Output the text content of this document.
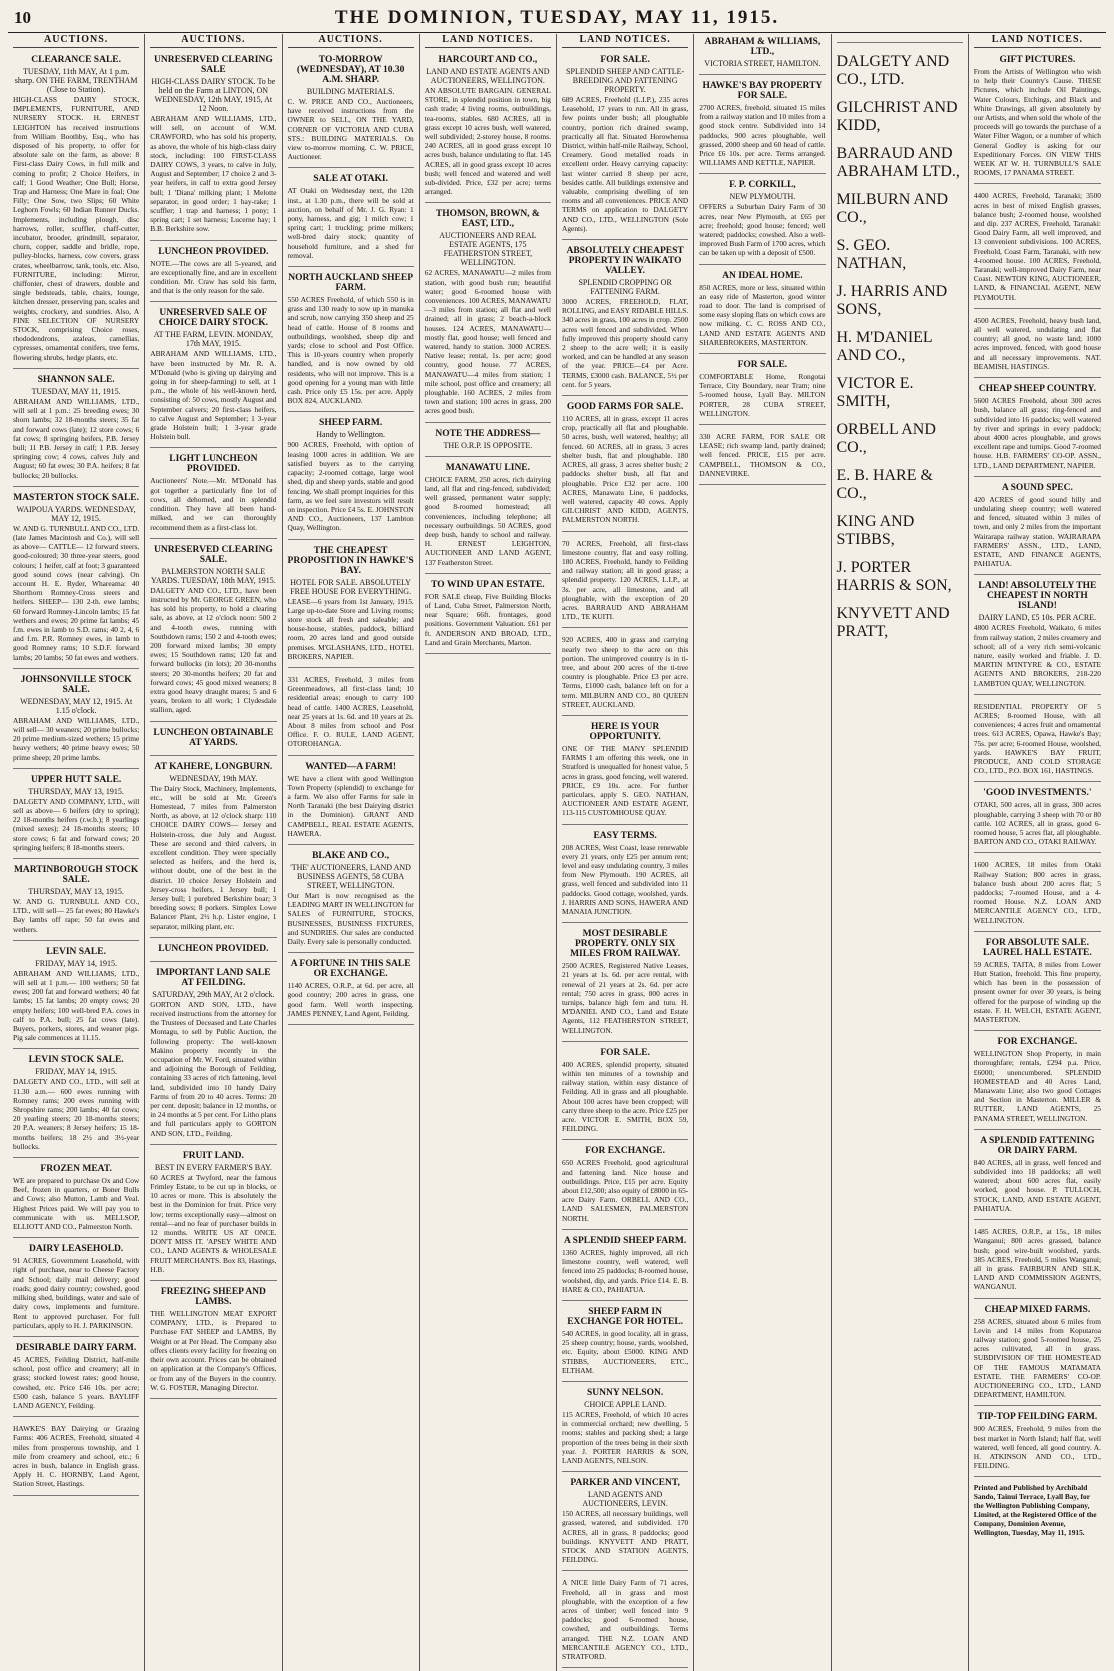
10	THE DOMINION, TUESDAY, MAY 11, 1915.
AUCTIONS.
CLEARANCE SALE.
TUESDAY, 11th MAY, At 1 p.m. sharp. ON THE FARM, TRENTHAM (Close to Station).

HIGH-CLASS DAIRY STOCK, IMPLEMENTS, FURNITURE, AND NURSERY STOCK. H. ERNEST LEIGHTON has received instructions from William Boothby, Esq., who has disposed of his property, to offer for absolute sale on the farm, as above: 8 First-class Dairy Cows, in full milk and coming to profit; 2 Choice Heifers, in calf; 1 Good Weather; One Bull; Horse, Trap and Harness; One Mare in foal; One Filly; One Sow, two Slips; 60 White Leghorn Fowls; 60 Indian Runner Ducks. Implements, including plough, disc harrows, roller, scuffler, chaff-cutter, incubator, brooder, grindmill, separator, churn, copper, saddle and bridle, rope, pulley-blocks, harness, cow covers, grass crates, wheelbarrow, tank, tools, etc. Also, FURNITURE, including: Mirror, chiffonier, chest of drawers, double and single bedsteads, table, chairs, lounge, kitchen dresser, preserving pan, scales and weights, crockery, and sundries. Also, A FINE SELECTION OF NURSERY STOCK, comprising Choice roses, rhododendrons, azaleas, camellias, cypresses, ornamental conifers, tree ferns, flowering shrubs, hedge plants, etc.

SHANNON SALE.
TUESDAY, MAY 11, 1915.

ABRAHAM AND WILLIAMS, LTD., will sell at 1 p.m.: 25 breeding ewes; 30 shorn lambs; 32 18-months steers; 35 fat and forward cows (late); 12 store cows; 6 fat cows; 8 springing heifers, P.B. Jersey bull; 11 P.B. Jersey in calf; 1 P.B. Jersey springing cow; 4 cows, calves July and August; 60 fat ewes; 30 P.A. heifers; 8 fat bullocks; 20 bullocks.

MASTERTON STOCK SALE.
WAIPOUA YARDS. WEDNESDAY, MAY 12, 1915.

W. AND G. TURNBULL AND CO., LTD. (late James Macintosh and Co.), will sell as above— CATTLE— 12 forward steers, good-coloured; 30 three-year steers, good colours; 1 heifer, calf at foot; 3 guaranteed good sound cows (near calving). On account H. E. Ryder, Whareama: 40 Shorthorn Romney-Cross steers and heifers. SHEEP— 130 2-th. ewe lambs; 60 forward Romney-Lincoln lambs; 15 fat wethers and ewes; 20 prime fat lambs; 45 f.m. ewes in lamb to S.D. rams; 40 2, 4, 6 and f.m. P.R. Romney ewes, in lamb to good Romney rams; 10 S.D.F. forward lambs; 20 lambs; 50 fat ewes and wethers.

JOHNSONVILLE STOCK SALE.
WEDNESDAY, MAY 12, 1915. At 1.15 o'clock.

ABRAHAM AND WILLIAMS, LTD., will sell— 30 weaners; 20 prime bullocks; 20 prime medium-sized wethers; 15 prime heavy wethers; 40 prime heavy ewes; 50 prime sheep; 20 prime lambs.

UPPER HUTT SALE.
THURSDAY, MAY 13, 1915.

DALGETY AND COMPANY, LTD., will sell as above— 6 heifers (dry to spring); 22 18-months heifers (r.w.b.); 8 yearlings (mixed sexes); 24 18-months steers; 10 store cows; 6 fat and forward cows; 20 springing heifers; 8 18-months steers.

MARTINBOROUGH STOCK SALE.
THURSDAY, MAY 13, 1915.

W. AND G. TURNBULL AND CO., LTD., will sell— 25 fat ewes; 80 Hawke's Bay lambs off rape; 50 fat ewes and wethers.

LEVIN SALE.
FRIDAY, MAY 14, 1915.

ABRAHAM AND WILLIAMS, LTD., will sell at 1 p.m.— 100 wethers; 50 fat ewes; 200 fat and forward wethers; 40 fat lambs; 15 fat lambs; 20 empty cows; 20 empty heifers; 100 well-bred P.A. cows in calf to P.A. bull; 25 fat cows (late). Buyers, porkers, stores, and weaner pigs. Pig sale commences at 11.15.

LEVIN STOCK SALE.
FRIDAY, MAY 14, 1915.

DALGETY AND CO., LTD., will sell at 11.30 a.m.— 600 ewes running with Romney rams; 200 ewes running with Shropshire rams; 200 lambs; 40 fat cows; 20 yearling steers; 20 18-months steers; 20 P.A. weaners; 8 Jersey heifers; 15 18-months heifers; 18 2½ and 3½-year bullocks.

FROZEN MEAT.

WE are prepared to purchase Ox and Cow Beef, frozen in quarters, or Boner Bulls and Cows; also Mutton, Lamb and Veal. Highest Prices paid. We will pay you to communicate with us. MELLSOP, ELLIOTT AND CO., Palmerston North.

DAIRY LEASEHOLD.

91 ACRES, Government Leasehold, with right of purchase, near to Cheese Factory and School; daily mail delivery; good roads; good dairy country; cowshed, good milking shed, buildings, water and sale of dairy cows, implements and furniture. Rent to approved purchaser. For full particulars, apply to H. J. PARKINSON.

DESIRABLE DAIRY FARM.

45 ACRES, Feilding District, half-mile school, post office and creamery; all in grass; stocked lowest rates; good house, cowshed, etc. Price £46 10s. per acre; £500 cash, balance 5 years. BAYLIFF LAND AGENCY, Feilding.

HAWKE'S BAY Dairying or Grazing Farms: 406 ACRES, Freehold, situated 4 miles from prosperous township, and 1 mile from creamery and school, etc.; 6 acres in bush, balance in English grass. Apply H. C. HORNBY, Land Agent, Station Street, Hastings.

AUCTIONS.
UNRESERVED CLEARING SALE
HIGH-CLASS DAIRY STOCK. To be held on the Farm at LINTON, ON WEDNESDAY, 12th MAY, 1915, At 12 Noon.

ABRAHAM AND WILLIAMS, LTD., will sell, on account of W.M. CRAWFORD, who has sold his property, as above, the whole of his high-class dairy stock, including: 100 FIRST-CLASS DAIRY COWS, 3 years, to calve in July, August and September; 17 choice 2 and 3-year heifers, in calf to extra good Jersey bull; 1 'Diana' milking plant; 1 Melotte separator, in good order; 1 hay-rake; 1 scuffler; 1 trap and harness; 1 pony; 1 spring cart; 1 set harness; Lucerne hay; 1 B.B. Berkshire sow.

LUNCHEON PROVIDED.

NOTE.—The cows are all 5-yeared, and are exceptionally fine, and are in excellent condition. Mr. Craw has sold his farm, and that is the only reason for the sale.

UNRESERVED SALE OF CHOICE DAIRY STOCK.
AT THE FARM, LEVIN. MONDAY, 17th MAY, 1915.

ABRAHAM AND WILLIAMS, LTD., have been instructed by Mr. R. A. M'Donald (who is giving up dairying and going in for sheep-farming) to sell, at 1 p.m., the whole of his well-known herd, consisting of: 50 cows, mostly August and September calvers; 20 first-class heifers, to calve August and September; 1 3-year grade Holstein bull; 1 3-year grade Holstein bull.

LIGHT LUNCHEON PROVIDED.

Auctioneers' Note.—Mr. M'Donald has got together a particularly fine lot of cows, all dehorned, and in splendid condition. They have all been hand-milked, and we can thoroughly recommend them as a first-class lot.

UNRESERVED CLEARING SALE.
PALMERSTON NORTH SALE YARDS. TUESDAY, 18th MAY, 1915.

DALGETY AND CO., LTD., have been instructed by Mr. GEORGE GREEN, who has sold his property, to hold a clearing sale, as above, at 12 o'clock noon: 500 2 and 4-tooth ewes, running with Southdown rams; 150 2 and 4-tooth ewes; 200 forward mixed lambs; 30 empty ewes; 15 Southdown rams; 120 fat and forward bullocks (in lots); 20 30-months steers; 20 30-months heifers; 20 fat and forward cows; 45 good mixed weaners; 8 extra good heavy draught mares; 5 and 6 years, broken to all work; 1 Clydesdale stallion, aged.

LUNCHEON OBTAINABLE AT YARDS.
AT KAHERE, LONGBURN.
WEDNESDAY, 19th MAY.

The Dairy Stock, Machinery, Implements, etc., will be sold at Mr. Green's Homestead, 7 miles from Palmerston North, as above, at 12 o'clock sharp: 110 CHOICE DAIRY COWS— Jersey and Holstein-cross, due July and August. These are second and third calvers, in excellent condition. They were specially selected as heifers, and the herd is, without doubt, one of the best in the district. 10 choice Jersey Holstein and Jersey-cross heifers, 1 Jersey bull; 1 Jersey bull; 1 purebred Berkshire boar; 3 breeding sows; 8 porkers. Simplex Lowe Balancer Plant, 2½ h.p. Lister engine, 1 separator, milking plant, etc.

LUNCHEON PROVIDED.
IMPORTANT LAND SALE AT FEILDING.
SATURDAY, 29th MAY, At 2 o'clock.

GORTON AND SON, LTD., have received instructions from the attorney for the Trustees of Deceased and Late Charles Montagu, to sell by Public Auction, the following property: The well-known Makino property recently in the occupation of Mr. W. Ford, situated within and adjoining the Borough of Feilding, containing 33 acres of rich fattening, level land, subdivided into 10 handy Dairy Farms of from 20 to 40 acres. Terms: 20 per cent. deposit; balance in 12 months, or in 24 months at 5 per cent. For Litho plans and full particulars apply to GORTON AND SON, LTD., Feilding.

FRUIT LAND.
BEST IN EVERY FARMER'S BAY.

60 ACRES at Twyford, near the famous Frimley Estate, to be cut up in blocks, or 10 acres or more. This is absolutely the best in the Dominion for fruit. Price very low; terms exceptionally easy—almost on rental—and no fear of purchaser builds in 12 months. WRITE US AT ONCE. DON'T MISS IT. 'APSEY WHITE AND CO., LAND AGENTS & WHOLESALE FRUIT MERCHANTS. Box 83, Hastings, H.B.

FREEZING SHEEP AND LAMBS.

THE WELLINGTON MEAT EXPORT COMPANY, LTD., is Prepared to Purchase FAT SHEEP and LAMBS, By Weight or at Per Head. The Company also offers clients every facility for freezing on their own account. Prices can be obtained on application at the Company's Offices, or from any of the Buyers in the country. W. G. FOSTER, Managing Director.

AUCTIONS.
TO-MORROW (WEDNESDAY), AT 10.30 A.M. SHARP.
BUILDING MATERIALS.

C. W. PRICE AND CO., Auctioneers, have received instructions from the OWNER to SELL, ON THE YARD, CORNER OF VICTORIA AND CUBA STS.: BUILDING MATERIALS. On view to-morrow morning. C. W. PRICE, Auctioneer.

SALE AT OTAKI.

AT Otaki on Wednesday next, the 12th inst., at 1.30 p.m., there will be sold at auction, on behalf of Mr. J. G. Ryan: 1 pony, harness, and gig; 1 milch cow; 1 spring cart; 1 truckling; prime milkers; well-bred dairy stock; quantity of household furniture, and a shed for removal.

NORTH AUCKLAND SHEEP FARM.

550 ACRES Freehold, of which 550 is in grass and 130 ready to sow up in manuka and scrub, now carrying 350 sheep and 25 head of cattle. House of 8 rooms and outbuildings, woolshed, sheep dip and yards; close to school and Post Office. This is 10-years country when properly handled, and is now owned by old residents, who will not improve. This is a good opening for a young man with little cash. Price only £5 15s. per acre. Apply BOX 824, AUCKLAND.

SHEEP FARM.
Handy to Wellington.

900 ACRES, Freehold, with option of leasing 1000 acres in addition. We are satisfied buyers as to the carrying capacity; 2-roomed cottage, large wool shed, dip and sheep yards, stable and good fencing. We shall prompt inquiries for this farm, as we feel sure investors will result on inspection. Price £4 5s. E. JOHNSTON AND CO., Auctioneers, 137 Lambton Quay, Wellington.

THE CHEAPEST PROPOSITION IN HAWKE'S BAY.
HOTEL FOR SALE. ABSOLUTELY FREE HOUSE FOR EVERYTHING.

LEASE—6 years from 1st January, 1915. Large up-to-date Store and Living rooms; store stock all fresh and saleable; and house-house, stables, paddock, billiard room, 20 acres land and good outside premises. M'GLASHANS, LTD., HOTEL BROKERS, NAPIER.

331 ACRES, Freehold, 3 miles from Greenmeadows, all first-class land; 10 residential areas; enough to carry 100 head of cattle. 1400 ACRES, Leasehold, near 25 years at 1s. 6d. and 10 years at 2s. About 8 miles from school and Post Office. F. O. RULE, LAND AGENT, OTOROHANGA.

WANTED—A FARM!

WE have a client with good Wellington Town Property (splendid) to exchange for a farm. We also offer Farms for sale in North Taranaki (the best Dairying district in the Dominion). GRANT AND CAMPBELL, REAL ESTATE AGENTS, HAWERA.

BLAKE AND CO.,
'THE' AUCTIONEERS, LAND AND BUSINESS AGENTS, 58 CUBA STREET, WELLINGTON.

Our Mart is now recognised as the LEADING MART IN WELLINGTON for SALES of FURNITURE, STOCKS, BUSINESSES, BUSINESS FIXTURES, and SUNDRIES. Our sales are conducted Daily. Every sale is personally conducted.

A FORTUNE IN THIS SALE OR EXCHANGE.

1140 ACRES, O.R.P., at 6d. per acre, all good country; 200 acres in grass, one good farm. Well worth inspecting. JAMES PENNEY, Land Agent, Feilding.

LAND NOTICES.
HARCOURT AND CO.,
LAND AND ESTATE AGENTS AND AUCTIONEERS, WELLINGTON.

AN ABSOLUTE BARGAIN. GENERAL STORE, in splendid position in town, big cash trade; 4 living rooms, outbuildings, tea-rooms, stables. 680 ACRES, all in grass except 10 acres bush, well watered, well subdivided; 2-storey house, 8 rooms. 240 ACRES, all in good grass except 10 acres bush, balance undulating to flat. 145 ACRES, all in good grass except 10 acres bush; well fenced and watered and well sub-divided. Price, £32 per acre; terms arranged.

THOMSON, BROWN, & EAST, LTD.,
AUCTIONEERS AND REAL ESTATE AGENTS, 175 FEATHERSTON STREET, WELLINGTON.

62 ACRES, MANAWATU—2 miles from station, with good bush run; beautiful water; good 6-roomed house with conveniences. 100 ACRES, MANAWATU—3 miles from station; all flat and well drained; all in grass; 2 beach-a-block houses. 124 ACRES, MANAWATU—mostly flat, good house; well fenced and watered, handy to station. 3000 ACRES. Native lease; rental, 1s. per acre; good country, good house. 77 ACRES, MANAWATU—4 miles from station; 1 mile school, post office and creamery; all ploughable. 160 ACRES, 2 miles from town and station; 100 acres in grass, 200 acres good bush.

NOTE THE ADDRESS—
THE O.R.P. IS OPPOSITE.
MANAWATU LINE.

CHOICE FARM, 250 acres, rich dairying land, all flat and ring-fenced, subdivided; well grassed, permanent water supply; good 8-roomed homestead; all conveniences, including telephone; all necessary outbuildings. 50 ACRES, good deep bush, handy to school and railway. H. ERNEST LEIGHTON, AUCTIONEER AND LAND AGENT, 137 Featherston Street.

TO WIND UP AN ESTATE.

FOR SALE cheap, Five Building Blocks of Land, Cuba Street, Palmerston North, near Square; 66ft. frontages, good positions. Government Valuation. £61 per ft. ANDERSON AND BROAD, LTD., Land and Grain Merchants, Marton.

LAND NOTICES.
FOR SALE.
SPLENDID SHEEP AND CATTLE-BREEDING AND FATTENING PROPERTY.

689 ACRES, Freehold (L.I.P.), 235 acres Leasehold, 17 years to run. All in grass, few points under bush; all ploughable country, portion rich drained swamp, practically all flat. Situated Horowhenua District, within half-mile Railway, School, Creamery. Good metalled roads in excellent order. Heavy carrying capacity: last winter carried 8 sheep per acre, besides cattle. All buildings extensive and valuable, comprising dwelling of ten rooms and all conveniences. PRICE AND TERMS on application to DALGETY AND CO., LTD., WELLINGTON (Sole Agents).

ABSOLUTELY CHEAPEST PROPERTY IN WAIKATO VALLEY.
SPLENDID CROPPING OR FATTENING FARM.

3000 ACRES, FREEHOLD, FLAT, ROLLING, and EASY RIDABLE HILLS. 340 acres in grass, 100 acres in crop. 2500 acres well fenced and subdivided. When fully improved this property should carry 2 sheep to the acre well; it is easily worked, and can be handled at any season of the year. PRICE—£4 per Acre. TERMS, £3000 cash. BALANCE, 5½ per cent. for 5 years.

GOOD FARMS FOR SALE.

110 ACRES, all in grass, except 11 acres crop, practically all flat and ploughable. 50 acres, bush, well watered, healthy; all fenced. 60 ACRES, all in grass, 3 acres shelter bush, flat and ploughable. 180 ACRES, all grass, 3 acres shelter bush; 2 paddocks shelter bush, all flat and ploughable. Price £32 per acre. 100 ACRES, Manawatu Line, 6 paddocks, well watered, capacity 40 cows. Apply GILCHRIST AND KIDD, AGENTS, PALMERSTON NORTH.

70 ACRES, Freehold, all first-class limestone country, flat and easy rolling. 180 ACRES, Freehold, handy to Feilding and railway station; all in good grass; a splendid property. 120 ACRES, L.I.P., at 3s. per acre, all limestone, and all ploughable, with the exception of 20 acres. BARRAUD AND ABRAHAM LTD., TE KUITI.

920 ACRES, 400 in grass and carrying nearly two sheep to the acre on this portion. The unimproved country is in ti-tree, and about 200 acres of the ti-tree country is ploughable. Price £3 per acre. Terms, £1000 cash, balance left on for a term. MILBURN AND CO., 80 QUEEN STREET, AUCKLAND.

HERE IS YOUR OPPORTUNITY.

ONE OF THE MANY SPLENDID FARMS I am offering this week, one in Stratford is unequalled for honest value, 5 acres in grass, good fencing, well watered. PRICE, £9 10s. acre. For further particulars, apply S. GEO. NATHAN, AUCTIONEER AND ESTATE AGENT, 113-115 CUSTOMHOUSE QUAY.

EASY TERMS.

208 ACRES, West Coast, lease renewable every 21 years, only £25 per annum rent; level and easy undulating country, 3 miles from New Plymouth. 190 ACRES, all grass, well fenced and subdivided into 11 paddocks. Good cottage, woolshed, yards. J. HARRIS AND SONS, HAWERA AND MANAIA JUNCTION.

MOST DESIRABLE PROPERTY. ONLY SIX MILES FROM RAILWAY.

2500 ACRES, Registered Native Leases, 21 years at 1s. 6d. per acre rental, with renewal of 21 years at 2s. 6d. per acre rental; 750 acres in grass, 800 acres in turnips, balance high fern and tutu. H. M'DANIEL AND CO., Land and Estate Agents, 112 FEATHERSTON STREET, WELLINGTON.

FOR SALE.

400 ACRES, splendid property, situated within ten minutes of a township and railway station, within easy distance of Feilding. All in grass and all ploughable. About 100 acres have been cropped; will carry three sheep to the acre. Price £25 per acre. VICTOR E. SMITH, BOX 59, FEILDING.

FOR EXCHANGE.

650 ACRES Freehold, good agricultural and fattening land. Nice house and outbuildings. Price, £15 per acre. Equity about £12,500; also equity of £8000 in 65-acre Dairy Farm. ORBELL AND CO., LAND SALESMEN, PALMERSTON NORTH.

A SPLENDID SHEEP FARM.

1360 ACRES, highly improved, all rich limestone country, well watered, well fenced into 25 paddocks; 8-roomed house, woolshed, dip, and yards. Price £14. E. B. HARE & CO., PAHIATUA.

SHEEP FARM IN EXCHANGE FOR HOTEL.

540 ACRES, in good locality, all in grass, 25 sheep country; house, yards, woolshed, etc. Equity, about £5000. KING AND STIBBS, AUCTIONEERS, ETC., ELTHAM.

SUNNY NELSON.
CHOICE APPLE LAND.

115 ACRES, Freehold, of which 10 acres in commercial orchard; new dwelling, 5 rooms; stables and packing shed; a large proportion of the trees being in their sixth year. J. PORTER HARRIS & SON, LAND AGENTS, NELSON.

PARKER AND VINCENT,
LAND AGENTS AND AUCTIONEERS, LEVIN.

150 ACRES, all necessary buildings, well grassed, watered, and subdivided. 170 ACRES, all in grass, 8 paddocks; good buildings. KNYVETT AND PRATT, STOCK AND STATION AGENTS, FEILDING.

A NICE little Dairy Farm of 71 acres, Freehold, all in grass and most ploughable, with the exception of a few acres of timber; well fenced into 9 paddocks; good 6-roomed house, cowshed, and outbuildings. Terms arranged. THE N.Z. LOAN AND MERCANTILE AGENCY CO., LTD., STRATFORD.

ABRAHAM & WILLIAMS, LTD.,
VICTORIA STREET, HAMILTON.
HAWKE'S BAY PROPERTY FOR SALE.

2700 ACRES, freehold, situated 15 miles from a railway station and 10 miles from a good stock centre. Subdivided into 14 paddocks, 900 acres ploughable, well grassed, 2000 sheep and 60 head of cattle. Price £6 10s. per acre. Terms arranged. WILLIAMS AND KETTLE, NAPIER.

F. P. CORKILL,
NEW PLYMOUTH.

OFFERS a Suburban Dairy Farm of 30 acres, near New Plymouth, at £65 per acre; freehold; good house; fenced; well watered; paddocks; cowshed. Also a well-improved Bush Farm of 1700 acres, which can be taken up with a deposit of £500.

AN IDEAL HOME.

850 ACRES, more or less, situated within an easy ride of Masterton, good winter road to door. The land is comprised of some easy sloping flats on which cows are now milking. C. C. ROSS AND CO., LAND AND ESTATE AGENTS AND SHAREBROKERS, MASTERTON.

FOR SALE.

COMFORTABLE Home, Rongotai Terrace, City Boundary, near Tram; nine 5-roomed house, Lyall Bay. MILTON PORTER, 28 CUBA STREET, WELLINGTON.

330 ACRE FARM, FOR SALE OR LEASE; rich swamp land, partly drained; well fenced. PRICE, £15 per acre. CAMPBELL, THOMSON & CO., DANNEVIRKE.

DALGETY AND CO., LTD.
GILCHRIST AND KIDD,
BARRAUD AND ABRAHAM LTD.,
MILBURN AND CO.,
S. GEO. NATHAN,
J. HARRIS AND SONS,
H. M'DANIEL AND CO.,
VICTOR E. SMITH,
ORBELL AND CO.,
E. B. HARE & CO.,
KING AND STIBBS,
J. PORTER HARRIS & SON,
KNYVETT AND PRATT,
LAND NOTICES.
GIFT PICTURES.

From the Artists of Wellington who wish to help their Country's Cause. THESE Pictures, which include Oil Paintings, Water Colours, Etchings, and Black and White Drawings, all given absolutely by our Artists, and when sold the whole of the proceeds will go towards the purchase of a Water Filter Wagon, or a number of which General Godley is asking for our Expeditionary Forces. ON VIEW THIS WEEK AT W. H. TURNBULL'S SALE ROOMS, 17 PANAMA STREET.

4400 ACRES, Freehold, Taranaki; 3500 acres in best of mixed English grasses, balance bush; 2-roomed house, woolshed and dip. 237 ACRES, Freehold, Taranaki: Good Dairy Farm, all well improved, and 13 convenient subdivisions. 100 ACRES, Freehold, Coast Farm, Taranaki, with new 4-roomed house. 100 ACRES, Freehold, Taranaki; well-improved Dairy Farm, near Coast. NEWTON KING, AUCTIONEER, LAND, & FINANCIAL AGENT, NEW PLYMOUTH.

4500 ACRES, Freehold, heavy bush land, all well watered, undulating and flat country; all good, no waste land; 1000 acres improved, fenced, with good house and all necessary improvements. NAT. BEAMISH, HASTINGS.

CHEAP SHEEP COUNTRY.

5600 ACRES Freehold, about 300 acres bush, balance all grass; ring-fenced and subdivided into 16 paddocks; well watered by river and springs in every paddock; about 4000 acres ploughable, and grows excellent rape and turnips. Good 7-roomed house. H.B. FARMERS' CO-OP. ASSN., LTD., LAND DEPARTMENT, NAPIER.

A SOUND SPEC.

420 ACRES of good sound hilly and undulating sheep country; well watered and fenced, situated within 3 miles of town, and only 2 miles from the important Wairarapa railway station. WAIRARAPA FARMERS' ASSN., LTD., LAND, ESTATE, AND FINANCE AGENTS, PAHIATUA.

LAND! ABSOLUTELY THE CHEAPEST IN NORTH ISLAND!
DAIRY LAND, £5 10s. PER ACRE.

4800 ACRES Freehold, Waikato, 6 miles from railway station, 2 miles creamery and school; all of a very rich semi-volcanic nature, easily worked and friable. J. D. MARTIN M'INTYRE & CO., ESTATE AGENTS AND BROKERS, 218-220 LAMBTON QUAY, WELLINGTON.

RESIDENTIAL PROPERTY OF 5 ACRES; 8-roomed House, with all conveniences; 4 acres fruit and ornamental trees. 613 ACRES, Opawa, Hawke's Bay; 75s. per acre; 6-roomed House, woolshed, yards. HAWKE'S BAY FRUIT, PRODUCE, AND COLD STORAGE CO., LTD., P.O. BOX 161, HASTINGS.

'GOOD INVESTMENTS.'

OTAKI, 500 acres, all in grass, 300 acres ploughable, carrying 3 sheep with 70 or 80 cattle. 102 ACRES, all in grass, good 6-roomed house, 5 acres flat, all ploughable. BARTON AND CO., OTAKI RAILWAY.

1600 ACRES, 18 miles from Otaki Railway Station; 800 acres in grass, balance bush about 200 acres flat; 5 paddocks; 7-roomed House, and a 4-roomed House. N.Z. LOAN AND MERCANTILE AGENCY CO., LTD., WELLINGTON.

FOR ABSOLUTE SALE. LAUREL HALL ESTATE.

59 ACRES, TAITA, 8 miles from Lower Hutt Station, freehold. This fine property, which has been in the possession of present owner for over 30 years, is being offered for the purpose of winding up the estate. F. H. WELCH, ESTATE AGENT, MASTERTON.

FOR EXCHANGE.

WELLINGTON Shop Property, in main thoroughfare; rentals, £294 p.a. Price, £6000; unencumbered. SPLENDID HOMESTEAD and 40 Acres Land, Manawatu Line; also two good Cottages and Section in Masterton. MILLER & RUTTER, LAND AGENTS, 25 PANAMA STREET, WELLINGTON.

A SPLENDID FATTENING OR DAIRY FARM.

840 ACRES, all in grass, well fenced and subdivided into 18 paddocks; all well watered; about 600 acres flat, easily worked, good house. P. TULLOCH, STOCK, LAND, AND ESTATE AGENT, PAHIATUA.

1485 ACRES, O.R.P., at 15s., 18 miles Wanganui; 800 acres grassed, balance bush; good wire-built woolshed, yards. 385 ACRES, Freehold, 5 miles Wanganui; all in grass. FAIRBURN AND SILK, LAND AND COMMISSION AGENTS, WANGANUI.

CHEAP MIXED FARMS.

258 ACRES, situated about 6 miles from Levin and 14 miles from Koputaroa railway station; good 5-roomed house, 25 acres cultivated, all in grass. SUBDIVISION OF THE HOMESTEAD OF THE FAMOUS MATAMATA ESTATE. THE FARMERS' CO-OP. AUCTIONEERING CO., LTD., LAND DEPARTMENT, HAMILTON.

TIP-TOP FEILDING FARM.

900 ACRES, Freehold, 9 miles from the best market in North Island; half flat, well watered, well fenced, all good country. A. H. ATKINSON AND CO., LTD., FEILDING.

Printed and Published by Archibald Sando, Tainui Terrace, Lyall Bay, for the Wellington Publishing Company, Limited, at the Registered Office of the Company, Dominion Avenue, Wellington, Tuesday, May 11, 1915.
